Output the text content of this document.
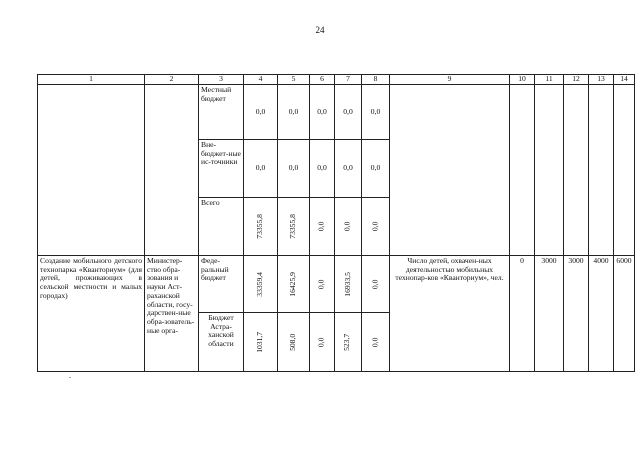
24
1	2	3	4	5	6	7	8	9	10	11	12	13	14
		Местный бюджет	0,0	0,0	0,0	0,0	0,0						
		Вне-бюджет-ные ис-точники	0,0	0,0	0,0	0,0	0,0						
		Всего	73355,8	73355,8	0,0	0,0	0,0						
Создание мобильного детского технопарка «Кванториум» (для детей, проживающих в сельской местности и малых городах)	Министер-ство обра-зования и науки Аст-раханской области, госу-дарствен-ные обра-зователь-ные орга-	Феде-ральный бюджет	33359,4	16425,9	0,0	16933,5	0,0	Число детей, охвачен-ных деятельностью мобильных технопар-ков «Кванториум», чел.	0	3000	3000	4000	6000
		Бюджет Астра-ханской области	1031,7	508,0	0,0	523,7	0,0						
.
